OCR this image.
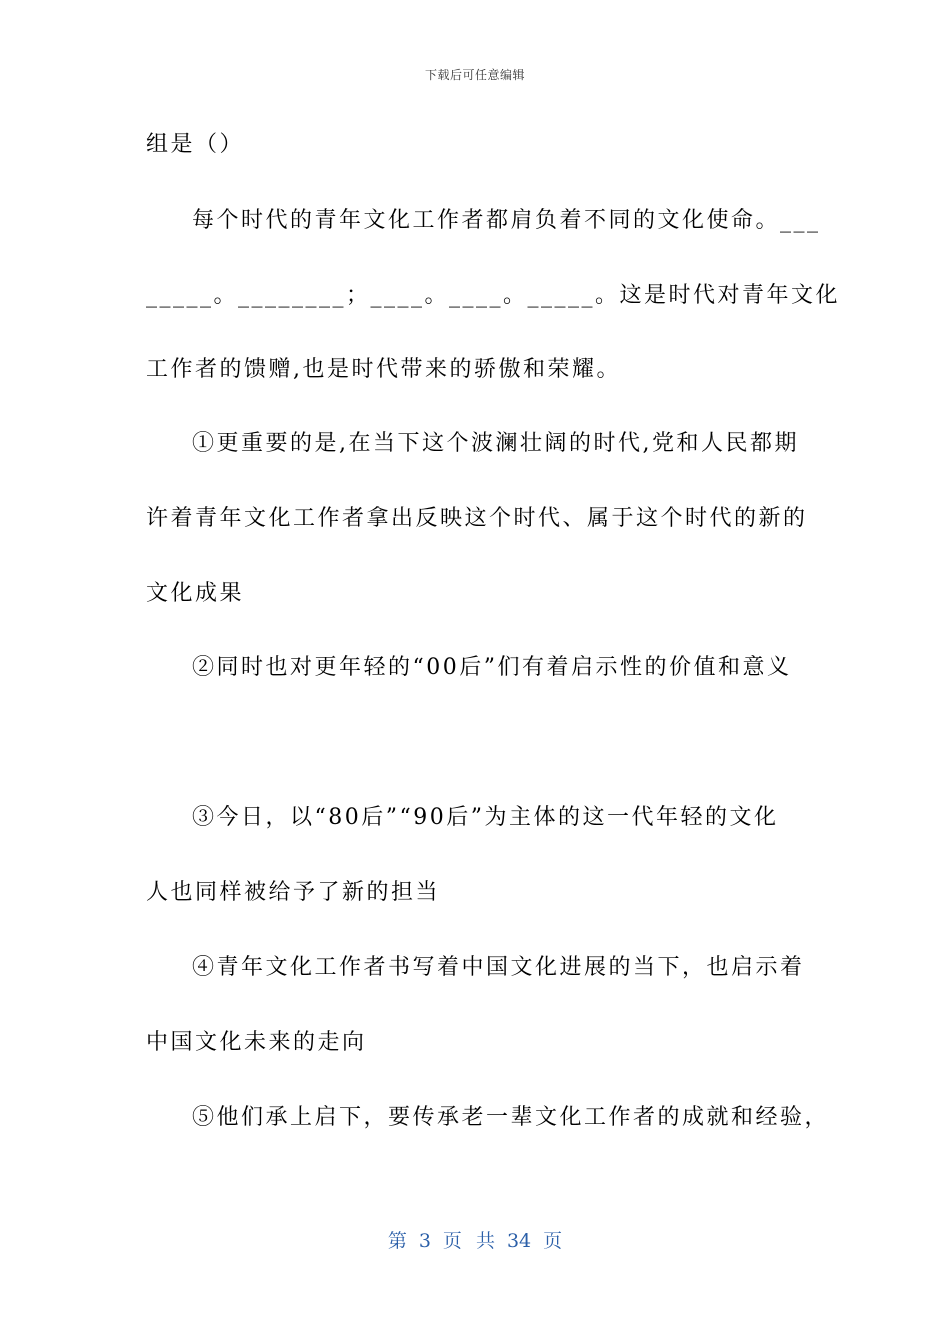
下载后可任意编辑
组是（）
每个时代的青年文化工作者都肩负着不同的文化使命。___
_____。________；____。____。_____。这是时代对青年文化
工作者的馈赠,也是时代带来的骄傲和荣耀。
①更重要的是,在当下这个波澜壮阔的时代,党和人民都期
许着青年文化工作者拿出反映这个时代、属于这个时代的新的
文化成果
②同时也对更年轻的“00后”们有着启示性的价值和意义
③今日，以“80后”“90后”为主体的这一代年轻的文化
人也同样被给予了新的担当
④青年文化工作者书写着中国文化进展的当下，也启示着
中国文化未来的走向
⑤他们承上启下，要传承老一辈文化工作者的成就和经验，
第 3 页 共 34 页
